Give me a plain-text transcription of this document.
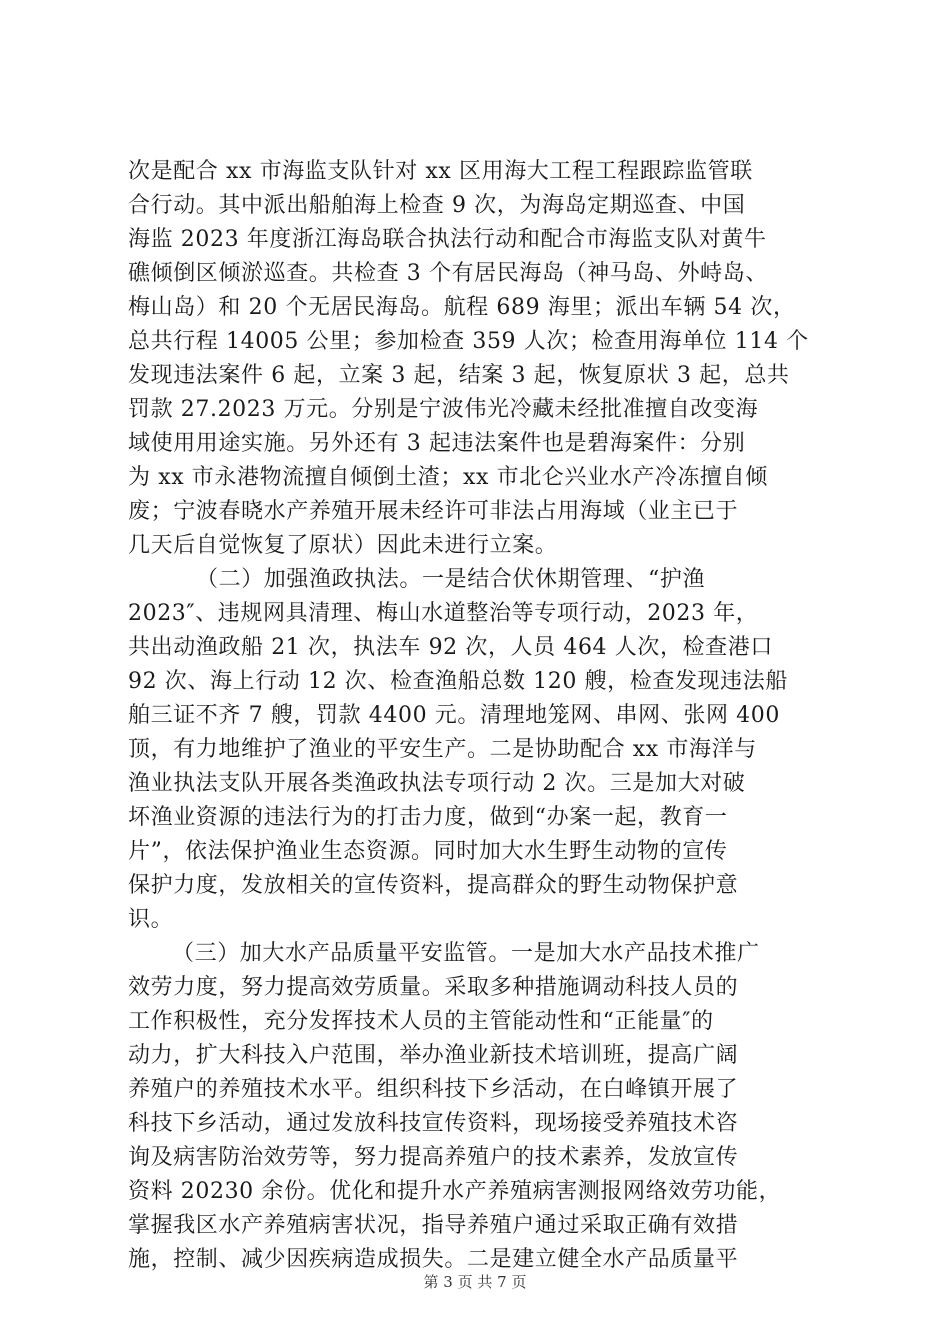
次是配合 xx 市海监支队针对 xx 区用海大工程工程跟踪监管联
合行动。其中派出船舶海上检查 9 次，为海岛定期巡查、中国
海监 2023 年度浙江海岛联合执法行动和配合市海监支队对黄牛
礁倾倒区倾淤巡查。共检查 3 个有居民海岛（神马岛、外峙岛、
梅山岛）和 20 个无居民海岛。航程 689 海里；派出车辆 54 次，
总共行程 14005 公里；参加检查 359 人次；检查用海单位 114 个
发现违法案件 6 起，立案 3 起，结案 3 起，恢复原状 3 起，总共
罚款 27.2023 万元。分别是宁波伟光冷藏未经批准擅自改变海
域使用用途实施。另外还有 3 起违法案件也是碧海案件：分别
为 xx 市永港物流擅自倾倒土渣；xx 市北仑兴业水产冷冻擅自倾
废；宁波春晓水产养殖开展未经许可非法占用海域（业主已于
几天后自觉恢复了原状）因此未进行立案。
（二）加强渔政执法。一是结合伏休期管理、“护渔
2023″、违规网具清理、梅山水道整治等专项行动，2023 年，
共出动渔政船 21 次，执法车 92 次，人员 464 人次，检查港口
92 次、海上行动 12 次、检查渔船总数 120 艘，检查发现违法船
舶三证不齐 7 艘，罚款 4400 元。清理地笼网、串网、张网 400
顶，有力地维护了渔业的平安生产。二是协助配合 xx 市海洋与
渔业执法支队开展各类渔政执法专项行动 2 次。三是加大对破
坏渔业资源的违法行为的打击力度，做到“办案一起，教育一
片”，依法保护渔业生态资源。同时加大水生野生动物的宣传
保护力度，发放相关的宣传资料，提高群众的野生动物保护意
识。
（三）加大水产品质量平安监管。一是加大水产品技术推广
效劳力度，努力提高效劳质量。采取多种措施调动科技人员的
工作积极性，充分发挥技术人员的主管能动性和“正能量″的
动力，扩大科技入户范围，举办渔业新技术培训班，提高广阔
养殖户的养殖技术水平。组织科技下乡活动，在白峰镇开展了
科技下乡活动，通过发放科技宣传资料，现场接受养殖技术咨
询及病害防治效劳等，努力提高养殖户的技术素养，发放宣传
资料 20230 余份。优化和提升水产养殖病害测报网络效劳功能，
掌握我区水产养殖病害状况，指导养殖户通过采取正确有效措
施，控制、减少因疾病造成损失。二是建立健全水产品质量平
第 3 页 共 7 页
